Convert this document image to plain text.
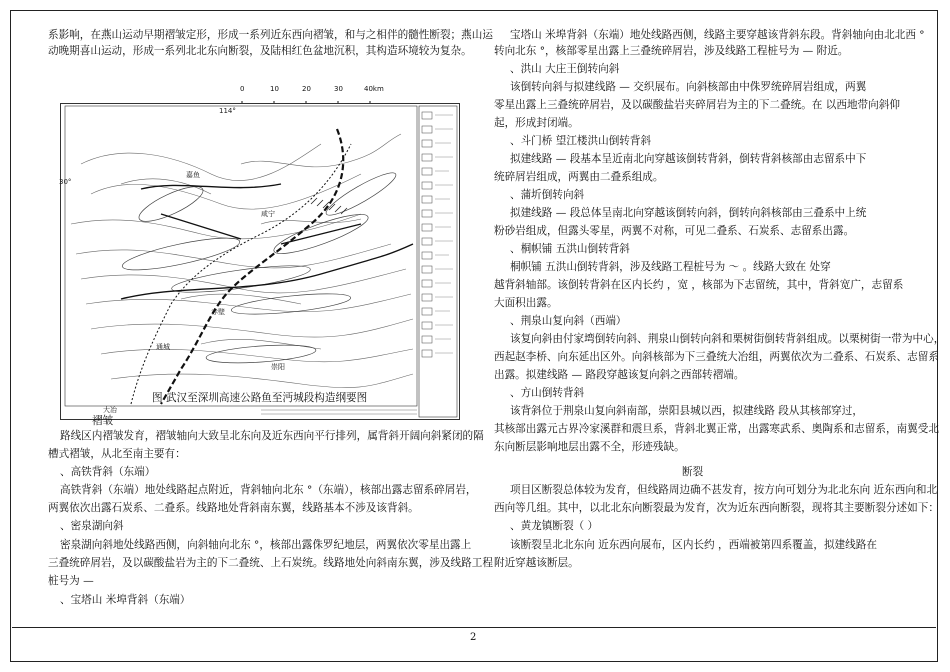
系影响，在燕山运动早期褶皱定形，形成一系列近东西向褶皱，和与之相伴的髓性断裂；燕山运
动晚期喜山运动，形成一系列北北东向断裂，及陆相红色盆地沉积，其构造环境较为复杂。
0	10	20	30	40km
114°
30°
嘉鱼
咸宁
赤壁
崇阳
通城
大冶
图 武汉至深圳高速公路鱼至沔城段构造纲要图
褶皱
路线区内褶皱发育，褶皱轴向大致呈北东向及近东西向平行排列，属背斜开阔向斜紧闭的隔
槽式褶皱，从北至南主要有：
、高铁背斜（东端）
高铁背斜（东端）地处线路起点附近，背斜轴向北东 °（东端），核部出露志留系碎屑岩，
两翼依次出露石炭系、二叠系。线路地处背斜南东翼，线路基本不涉及该背斜。
、密泉湖向斜
密泉湖向斜地处线路西侧，向斜轴向北东 °，核部出露侏罗纪地层，两翼依次零星出露上
三叠统碎屑岩，及以碳酸盐岩为主的下二叠统、上石炭统。线路地处向斜南东翼，涉及线路工程
桩号为 —
、宝塔山 米埠背斜（东端）
宝塔山 米埠背斜（东端）地处线路西侧，线路主要穿越该背斜东段。背斜轴向由北北西 °
转向北东 °，核部零星出露上三叠统碎屑岩，涉及线路工程桩号为 — 附近。
、洪山 大庄王倒转向斜
该倒转向斜与拟建线路 — 交织展布。向斜核部由中侏罗统碎屑岩组成，两翼
零星出露上三叠统碎屑岩，及以碳酸盐岩夹碎屑岩为主的下二叠统。在 以西地带向斜仰
起，形成封闭端。
、斗门桥 望江楼洪山倒转背斜
拟建线路 — 段基本呈近南北向穿越该倒转背斜，倒转背斜核部由志留系中下
统碎屑岩组成，两翼由二叠系组成。
、蒲圻倒转向斜
拟建线路 — 段总体呈南北向穿越该倒转向斜，倒转向斜核部由三叠系中上统
粉砂岩组成，但露头零星，两翼不对称，可见二叠系、石炭系、志留系出露。
、桐帜铺 五洪山倒转背斜
桐帜铺 五洪山倒转背斜，涉及线路工程桩号为 ～ 。线路大致在 处穿
越背斜轴部。该倒转背斜在区内长约 ，宽 ，核部为下志留统，其中，背斜宽广，志留系
大面积出露。
、荆泉山复向斜（西端）
该复向斜由付家塆倒转向斜、荆泉山倒转向斜和栗树街倒转背斜组成。以栗树街一带为中心，
西起赵李桥、向东延出区外。向斜核部为下三叠统大冶组，两翼依次为二叠系、石炭系、志留系
出露。拟建线路 — 路段穿越该复向斜之西部转褶端。
、方山倒转背斜
该背斜位于荆泉山复向斜南部，崇阳县城以西，拟建线路 段从其核部穿过，
其核部出露元古界冷家溪群和震旦系，背斜北翼正常，出露寒武系、奥陶系和志留系，南翼受北
东向断层影响地层出露不全，形迹残缺。
断裂
项目区断裂总体较为发育，但线路周边确不甚发育，按方向可划分为北北东向 近东西向和北
西向等几组。其中，以北北东向断裂最为发育，次为近东西向断裂，现将其主要断裂分述如下：
、黄龙镇断裂（ ）
该断裂呈北北东向 近东西向展布，区内长约 ，西端被第四系覆盖，拟建线路在
附近穿越该断层。
2
